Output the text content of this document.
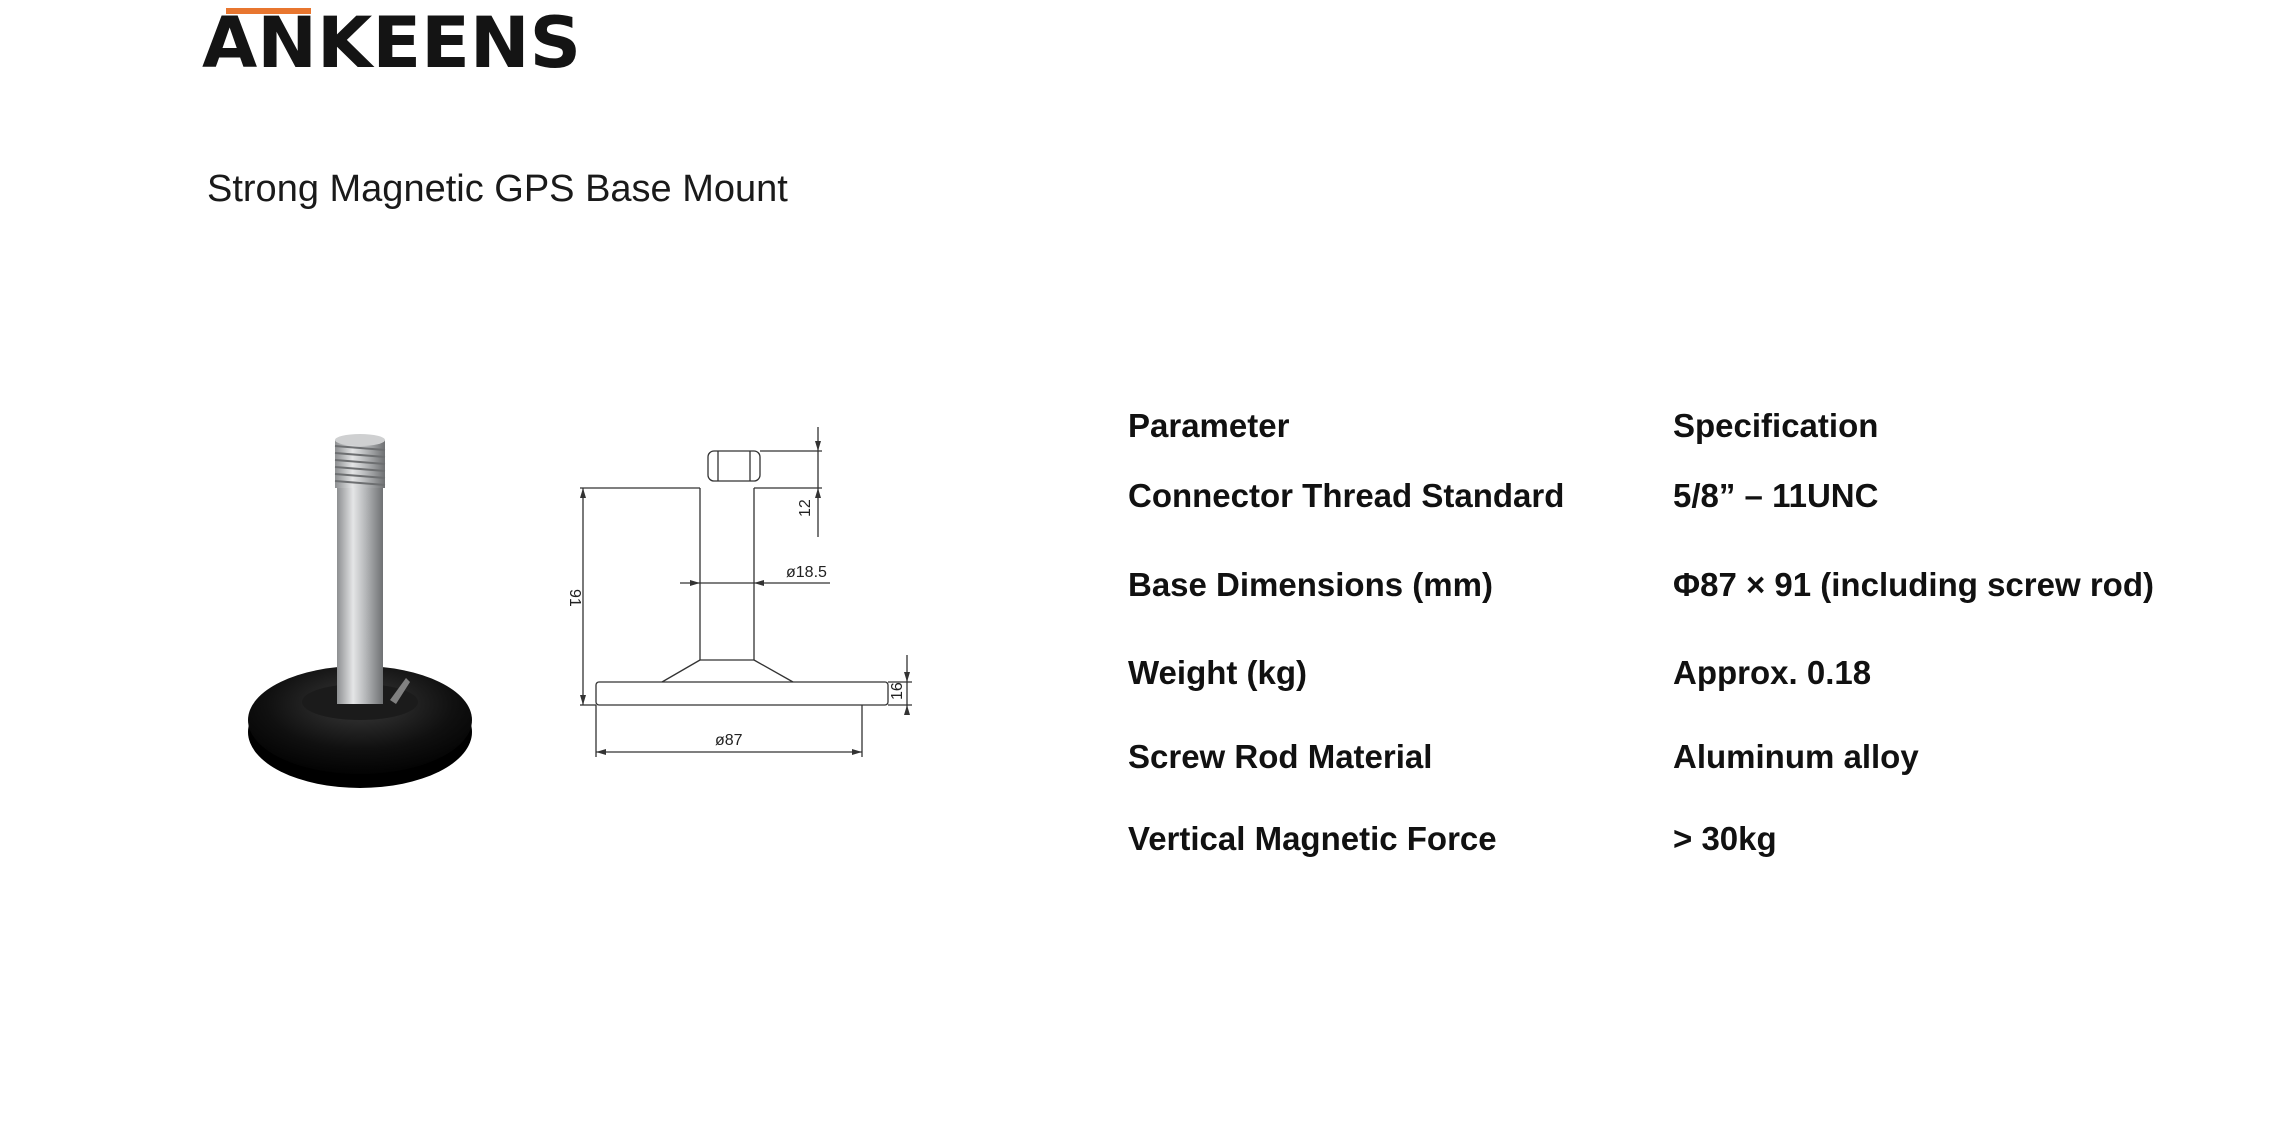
ANKEENS
Strong Magnetic GPS Base Mount
12
ø18.5
91
16
ø87
Parameter	Specification
Connector Thread Standard	5/8” – 11UNC
Base Dimensions (mm)	Φ87 × 91 (including screw rod)
Weight (kg)	Approx. 0.18
Screw Rod Material	Aluminum alloy
Vertical Magnetic Force	> 30kg
